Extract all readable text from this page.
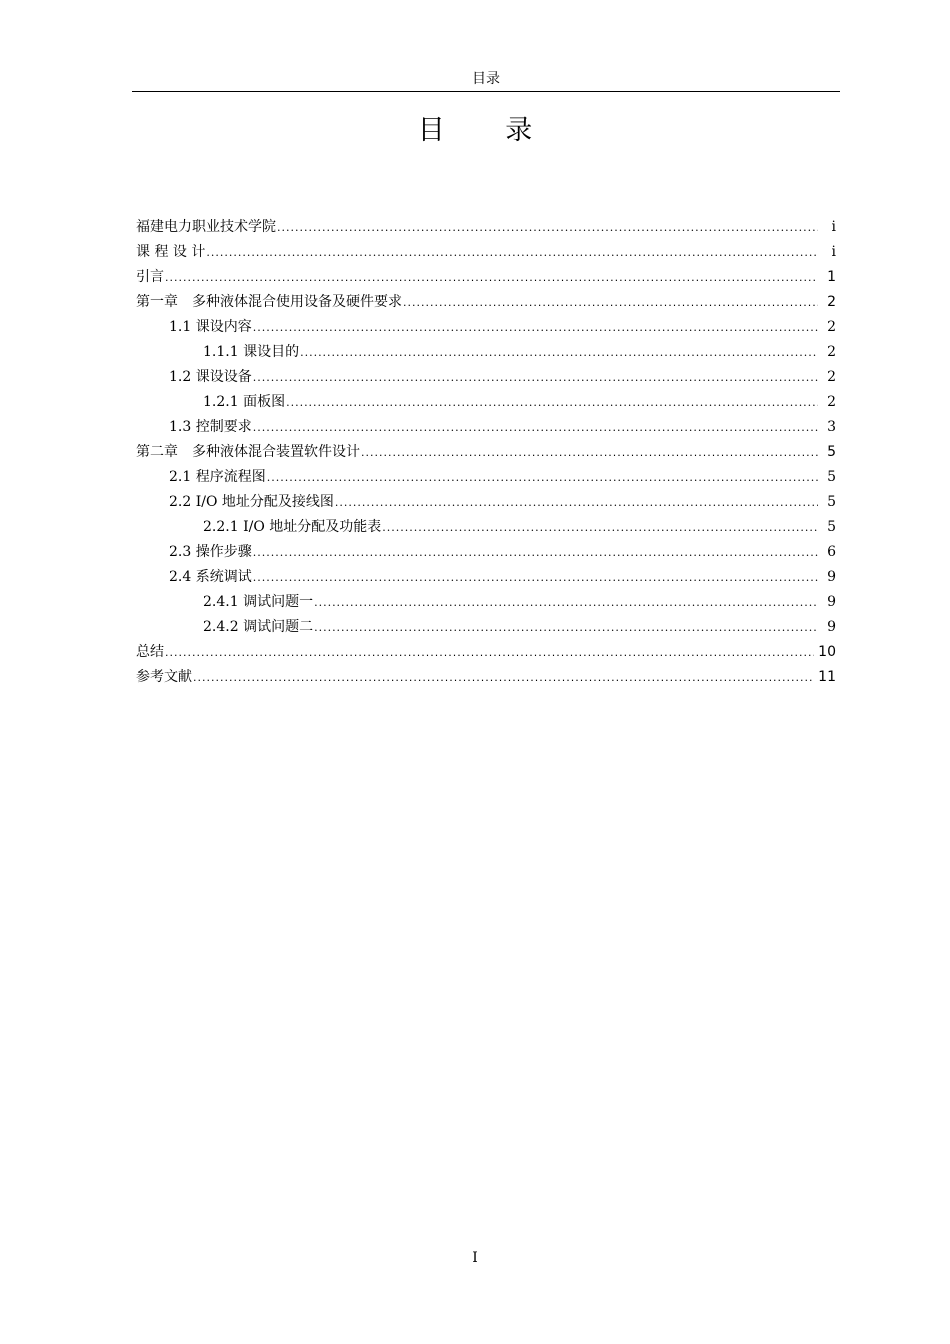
目录
目 录
福建电力职业技术学院 .....	i
课 程 设 计 .....	i
引言 .....	1
第一章　多种液体混合使用设备及硬件要求 .....	2
1.1 课设内容 .....	2
1.1.1 课设目的 .....	2
1.2 课设设备 .....	2
1.2.1 面板图 .....	2
1.3 控制要求 .....	3
第二章　多种液体混合装置软件设计 .....	5
2.1 程序流程图 .....	5
2.2 I/O 地址分配及接线图 .....	5
2.2.1 I/O 地址分配及功能表 .....	5
2.3 操作步骤 .....	6
2.4 系统调试 .....	9
2.4.1 调试问题一 .....	9
2.4.2 调试问题二 .....	9
总结 .....	10
参考文献 .....	11
I
